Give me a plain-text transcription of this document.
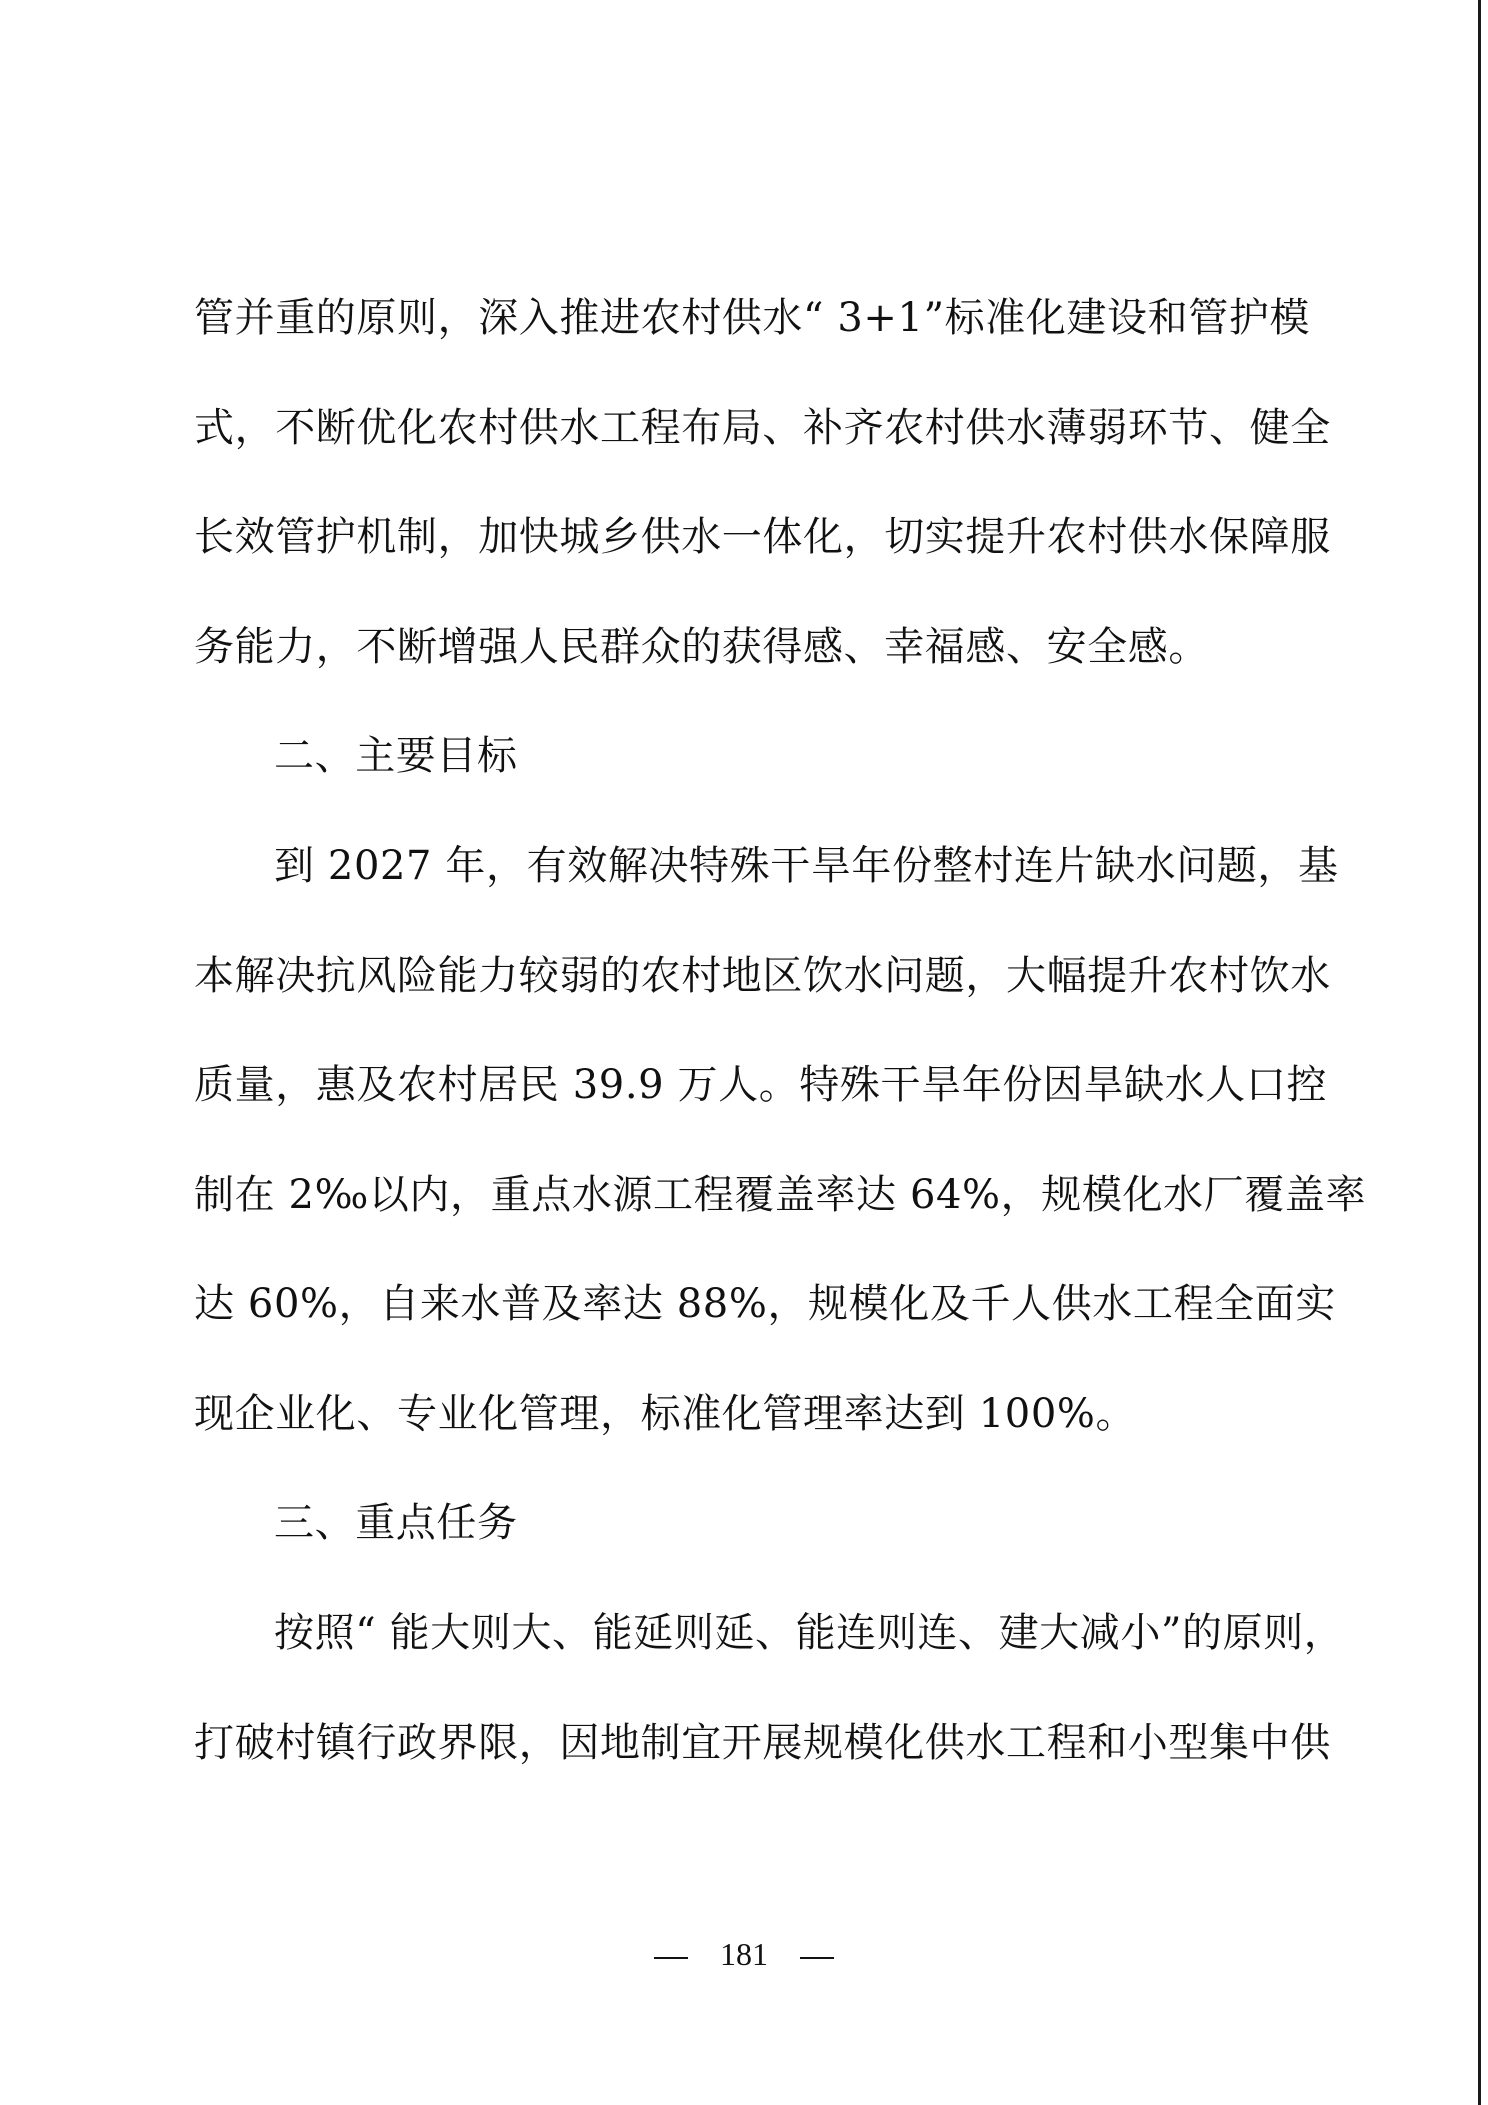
管并重的原则，深入推进农村供水“ 3+1”标准化建设和管护模
式，不断优化农村供水工程布局、补齐农村供水薄弱环节、健全
长效管护机制，加快城乡供水一体化，切实提升农村供水保障服
务能力，不断增强人民群众的获得感、幸福感、安全感。
二、主要目标
到 2027 年，有效解决特殊干旱年份整村连片缺水问题，基
本解决抗风险能力较弱的农村地区饮水问题，大幅提升农村饮水
质量，惠及农村居民 39.9 万人。特殊干旱年份因旱缺水人口控
制在 2‰以内，重点水源工程覆盖率达 64%，规模化水厂覆盖率
达 60%，自来水普及率达 88%，规模化及千人供水工程全面实
现企业化、专业化管理，标准化管理率达到 100%。
三、重点任务
按照“ 能大则大、能延则延、能连则连、建大减小”的原则，
打破村镇行政界限，因地制宜开展规模化供水工程和小型集中供
181
